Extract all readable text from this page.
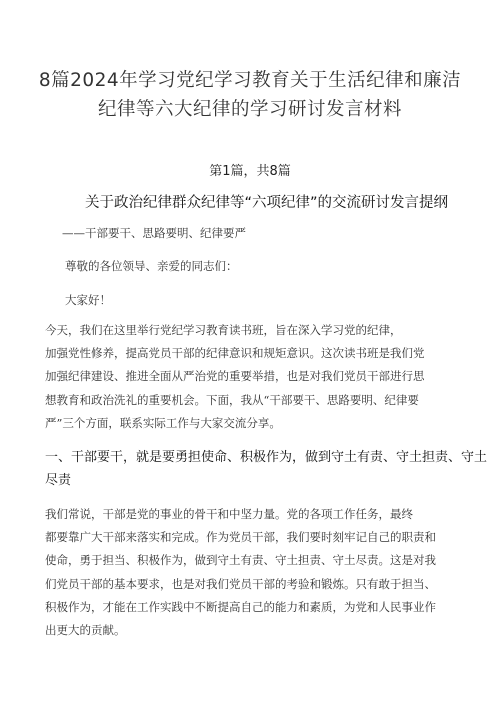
8篇2024年学习党纪学习教育关于生活纪律和廉洁
纪律等六大纪律的学习研讨发言材料
第1篇，共8篇
关于政治纪律群众纪律等“六项纪律”的交流研讨发言提纲
——干部要干、思路要明、纪律要严
尊敬的各位领导、亲爱的同志们：
大家好！
今天，我们在这里举行党纪学习教育读书班，旨在深入学习党的纪律，
加强党性修养，提高党员干部的纪律意识和规矩意识。这次读书班是我们党
加强纪律建设、推进全面从严治党的重要举措，也是对我们党员干部进行思
想教育和政治洗礼的重要机会。下面，我从“干部要干、思路要明、纪律要
严”三个方面，联系实际工作与大家交流分享。
一、干部要干，就是要勇担使命、积极作为，做到守土有责、守土担责、守土
尽责
我们常说，干部是党的事业的骨干和中坚力量。党的各项工作任务，最终
都要靠广大干部来落实和完成。作为党员干部，我们要时刻牢记自己的职责和
使命，勇于担当、积极作为，做到守土有责、守土担责、守土尽责。这是对我
们党员干部的基本要求，也是对我们党员干部的考验和锻炼。只有敢于担当、
积极作为，才能在工作实践中不断提高自己的能力和素质，为党和人民事业作
出更大的贡献。
